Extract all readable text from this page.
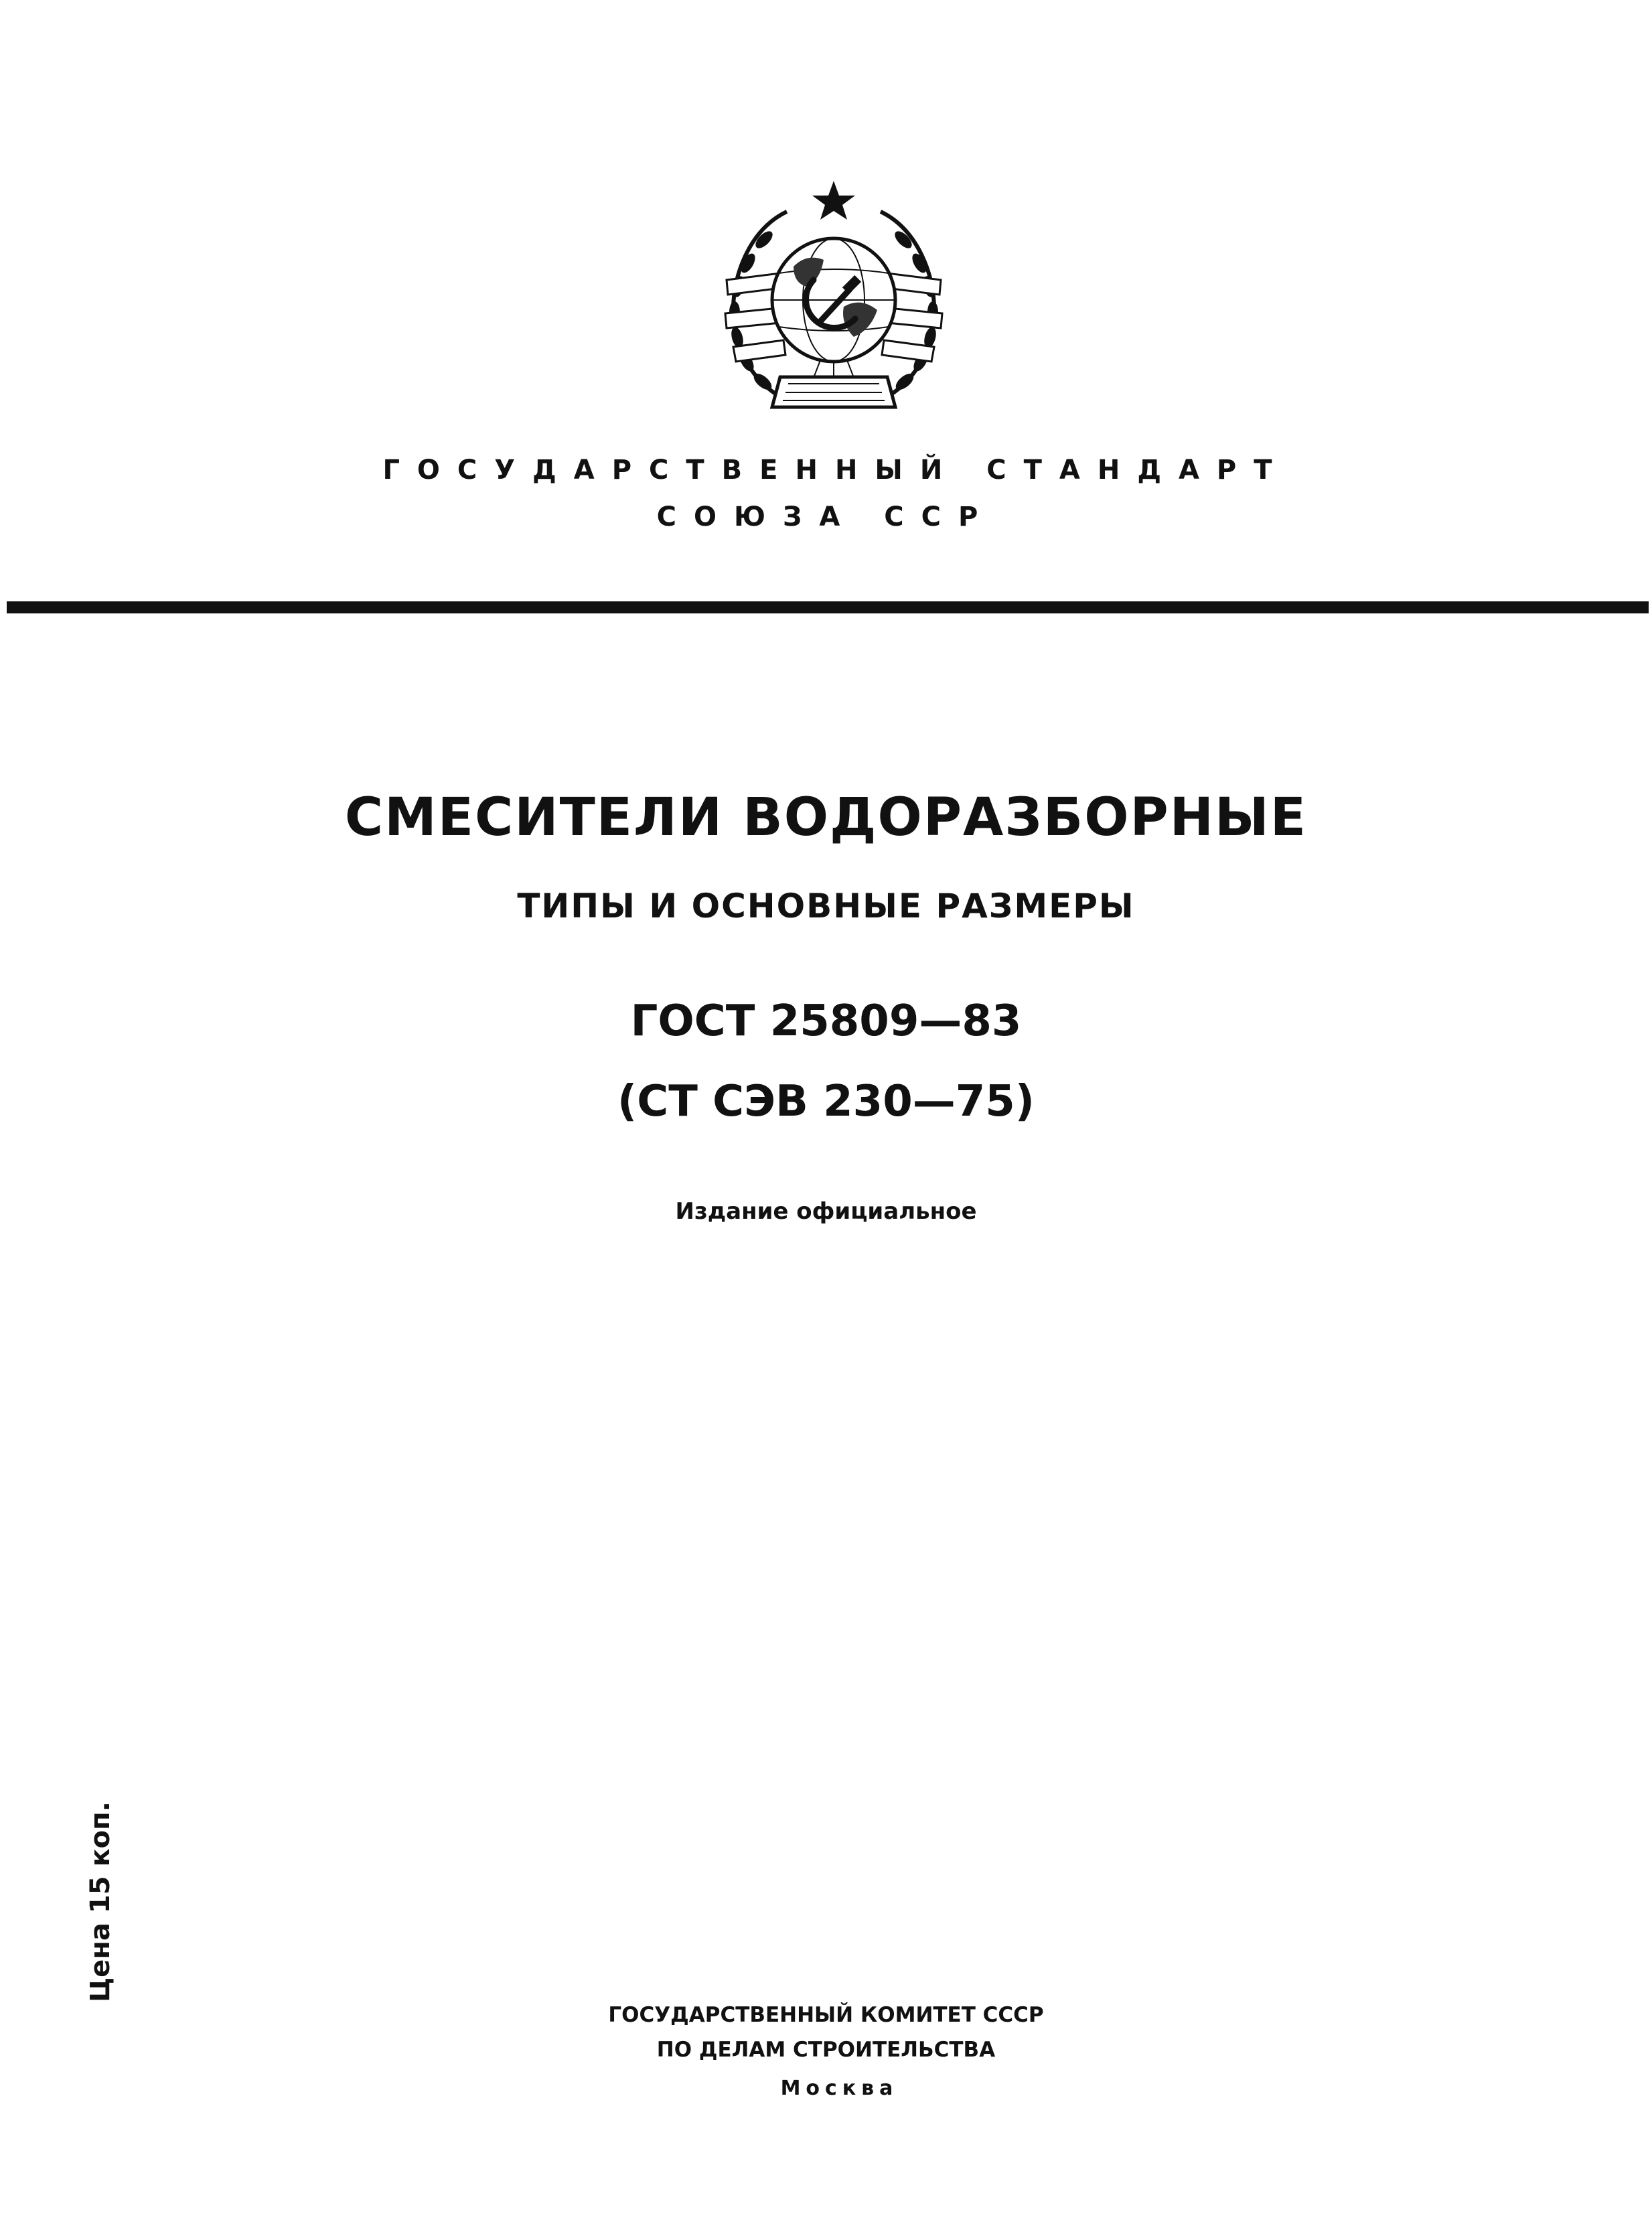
ГОСУДАРСТВЕННЫЙ СТАНДАРТ
СОЮЗА ССР
СМЕСИТЕЛИ ВОДОРАЗБОРНЫЕ
ТИПЫ И ОСНОВНЫЕ РАЗМЕРЫ
ГОСТ 25809—83
(СТ СЭВ 230—75)
Издание официальное
Цена 15 коп.
ГОСУДАРСТВЕННЫЙ КОМИТЕТ СССР
ПО ДЕЛАМ СТРОИТЕЛЬСТВА
Москва
